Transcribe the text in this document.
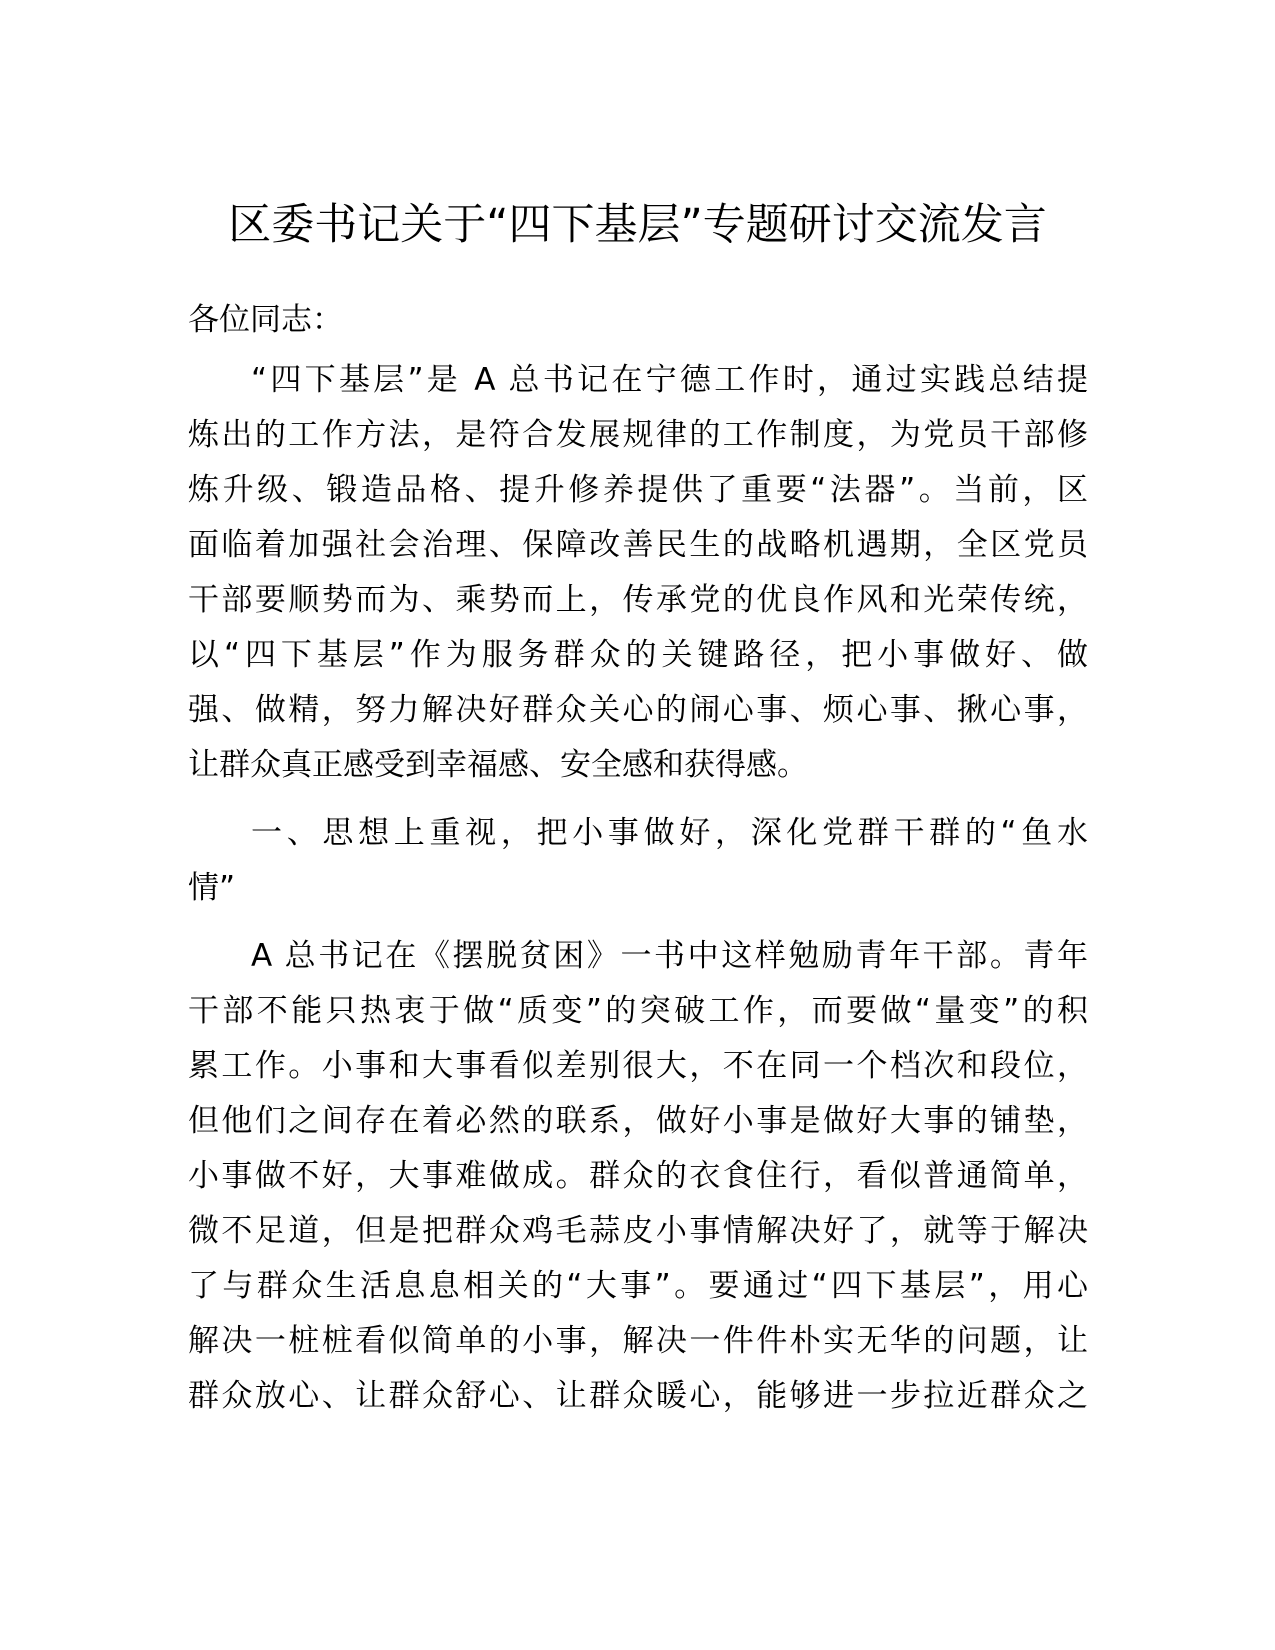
区委书记关于“四下基层”专题研讨交流发言

各位同志：

“四下基层”是 A 总书记在宁德工作时，通过实践总结提

炼出的工作方法，是符合发展规律的工作制度，为党员干部修

炼升级、锻造品格、提升修养提供了重要“法器”。当前，区

面临着加强社会治理、保障改善民生的战略机遇期，全区党员

干部要顺势而为、乘势而上，传承党的优良作风和光荣传统，

以“四下基层”作为服务群众的关键路径，把小事做好、做

强、做精，努力解决好群众关心的闹心事、烦心事、揪心事，

让群众真正感受到幸福感、安全感和获得感。

一、思想上重视，把小事做好，深化党群干群的“鱼水

情”

A 总书记在《摆脱贫困》一书中这样勉励青年干部。青年

干部不能只热衷于做“质变”的突破工作，而要做“量变”的积

累工作。小事和大事看似差别很大，不在同一个档次和段位，

但他们之间存在着必然的联系，做好小事是做好大事的铺垫，

小事做不好，大事难做成。群众的衣食住行，看似普通简单，

微不足道，但是把群众鸡毛蒜皮小事情解决好了，就等于解决

了与群众生活息息相关的“大事”。要通过“四下基层”，用心

解决一桩桩看似简单的小事，解决一件件朴实无华的问题，让

群众放心、让群众舒心、让群众暖心，能够进一步拉近群众之
